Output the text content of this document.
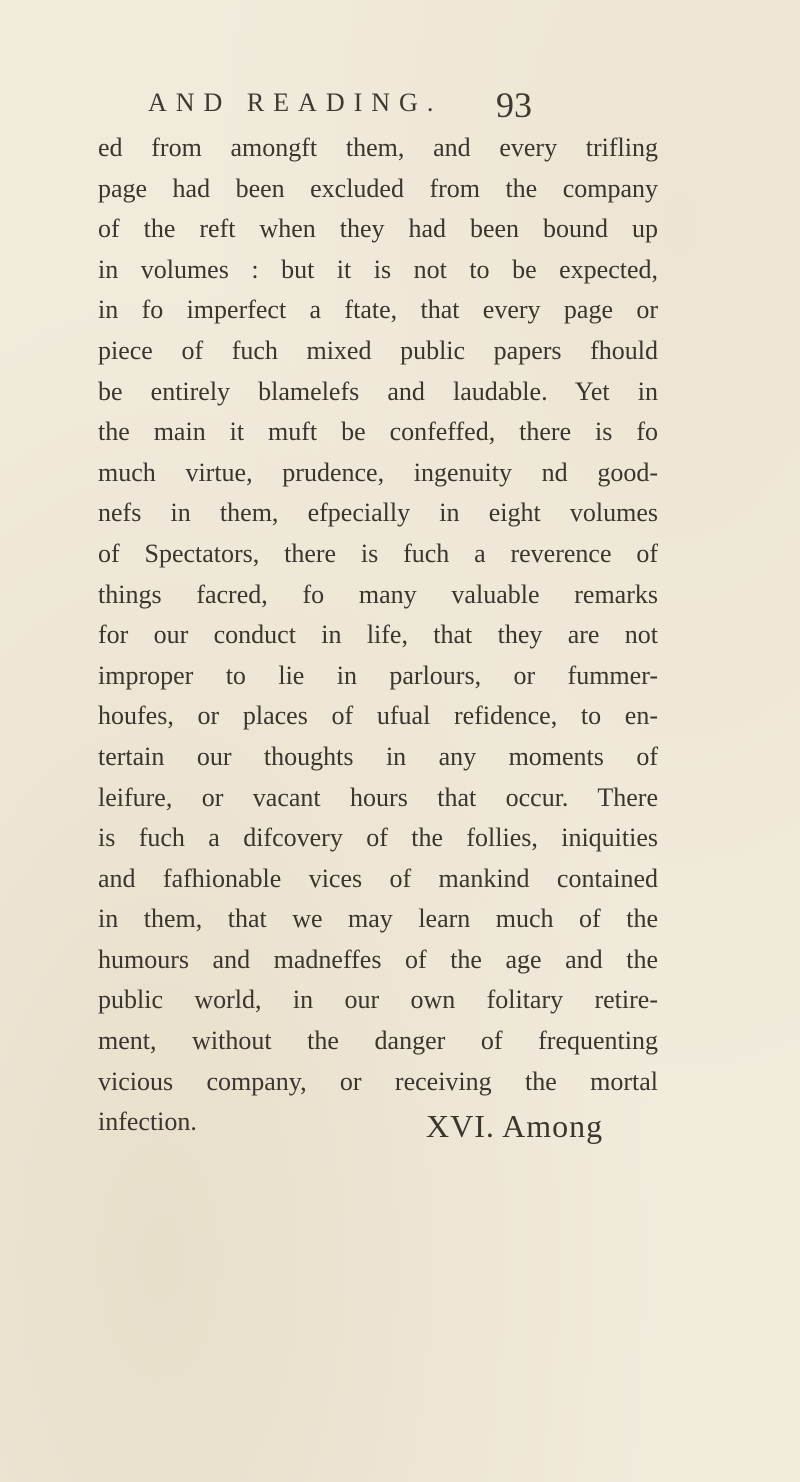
AND READING. 93
ed from amongft them, and every trifling
page had been excluded from the company
of the reft when they had been bound up
in volumes : but it is not to be expected,
in fo imperfect a ftate, that every page or
piece of fuch mixed public papers fhould
be entirely blamelefs and laudable. Yet in
the main it muft be confeffed, there is fo
much virtue, prudence, ingenuity nd good-
nefs in them, efpecially in eight volumes
of Spectators, there is fuch a reverence of
things facred, fo many valuable remarks
for our conduct in life, that they are not
improper to lie in parlours, or fummer-
houfes, or places of ufual refidence, to en-
tertain our thoughts in any moments of
leifure, or vacant hours that occur. There
is fuch a difcovery of the follies, iniquities
and fafhionable vices of mankind contained
in them, that we may learn much of the
humours and madneffes of the age and the
public world, in our own folitary retire-
ment, without the danger of frequenting
vicious company, or receiving the mortal
infection.	XVI. Among
